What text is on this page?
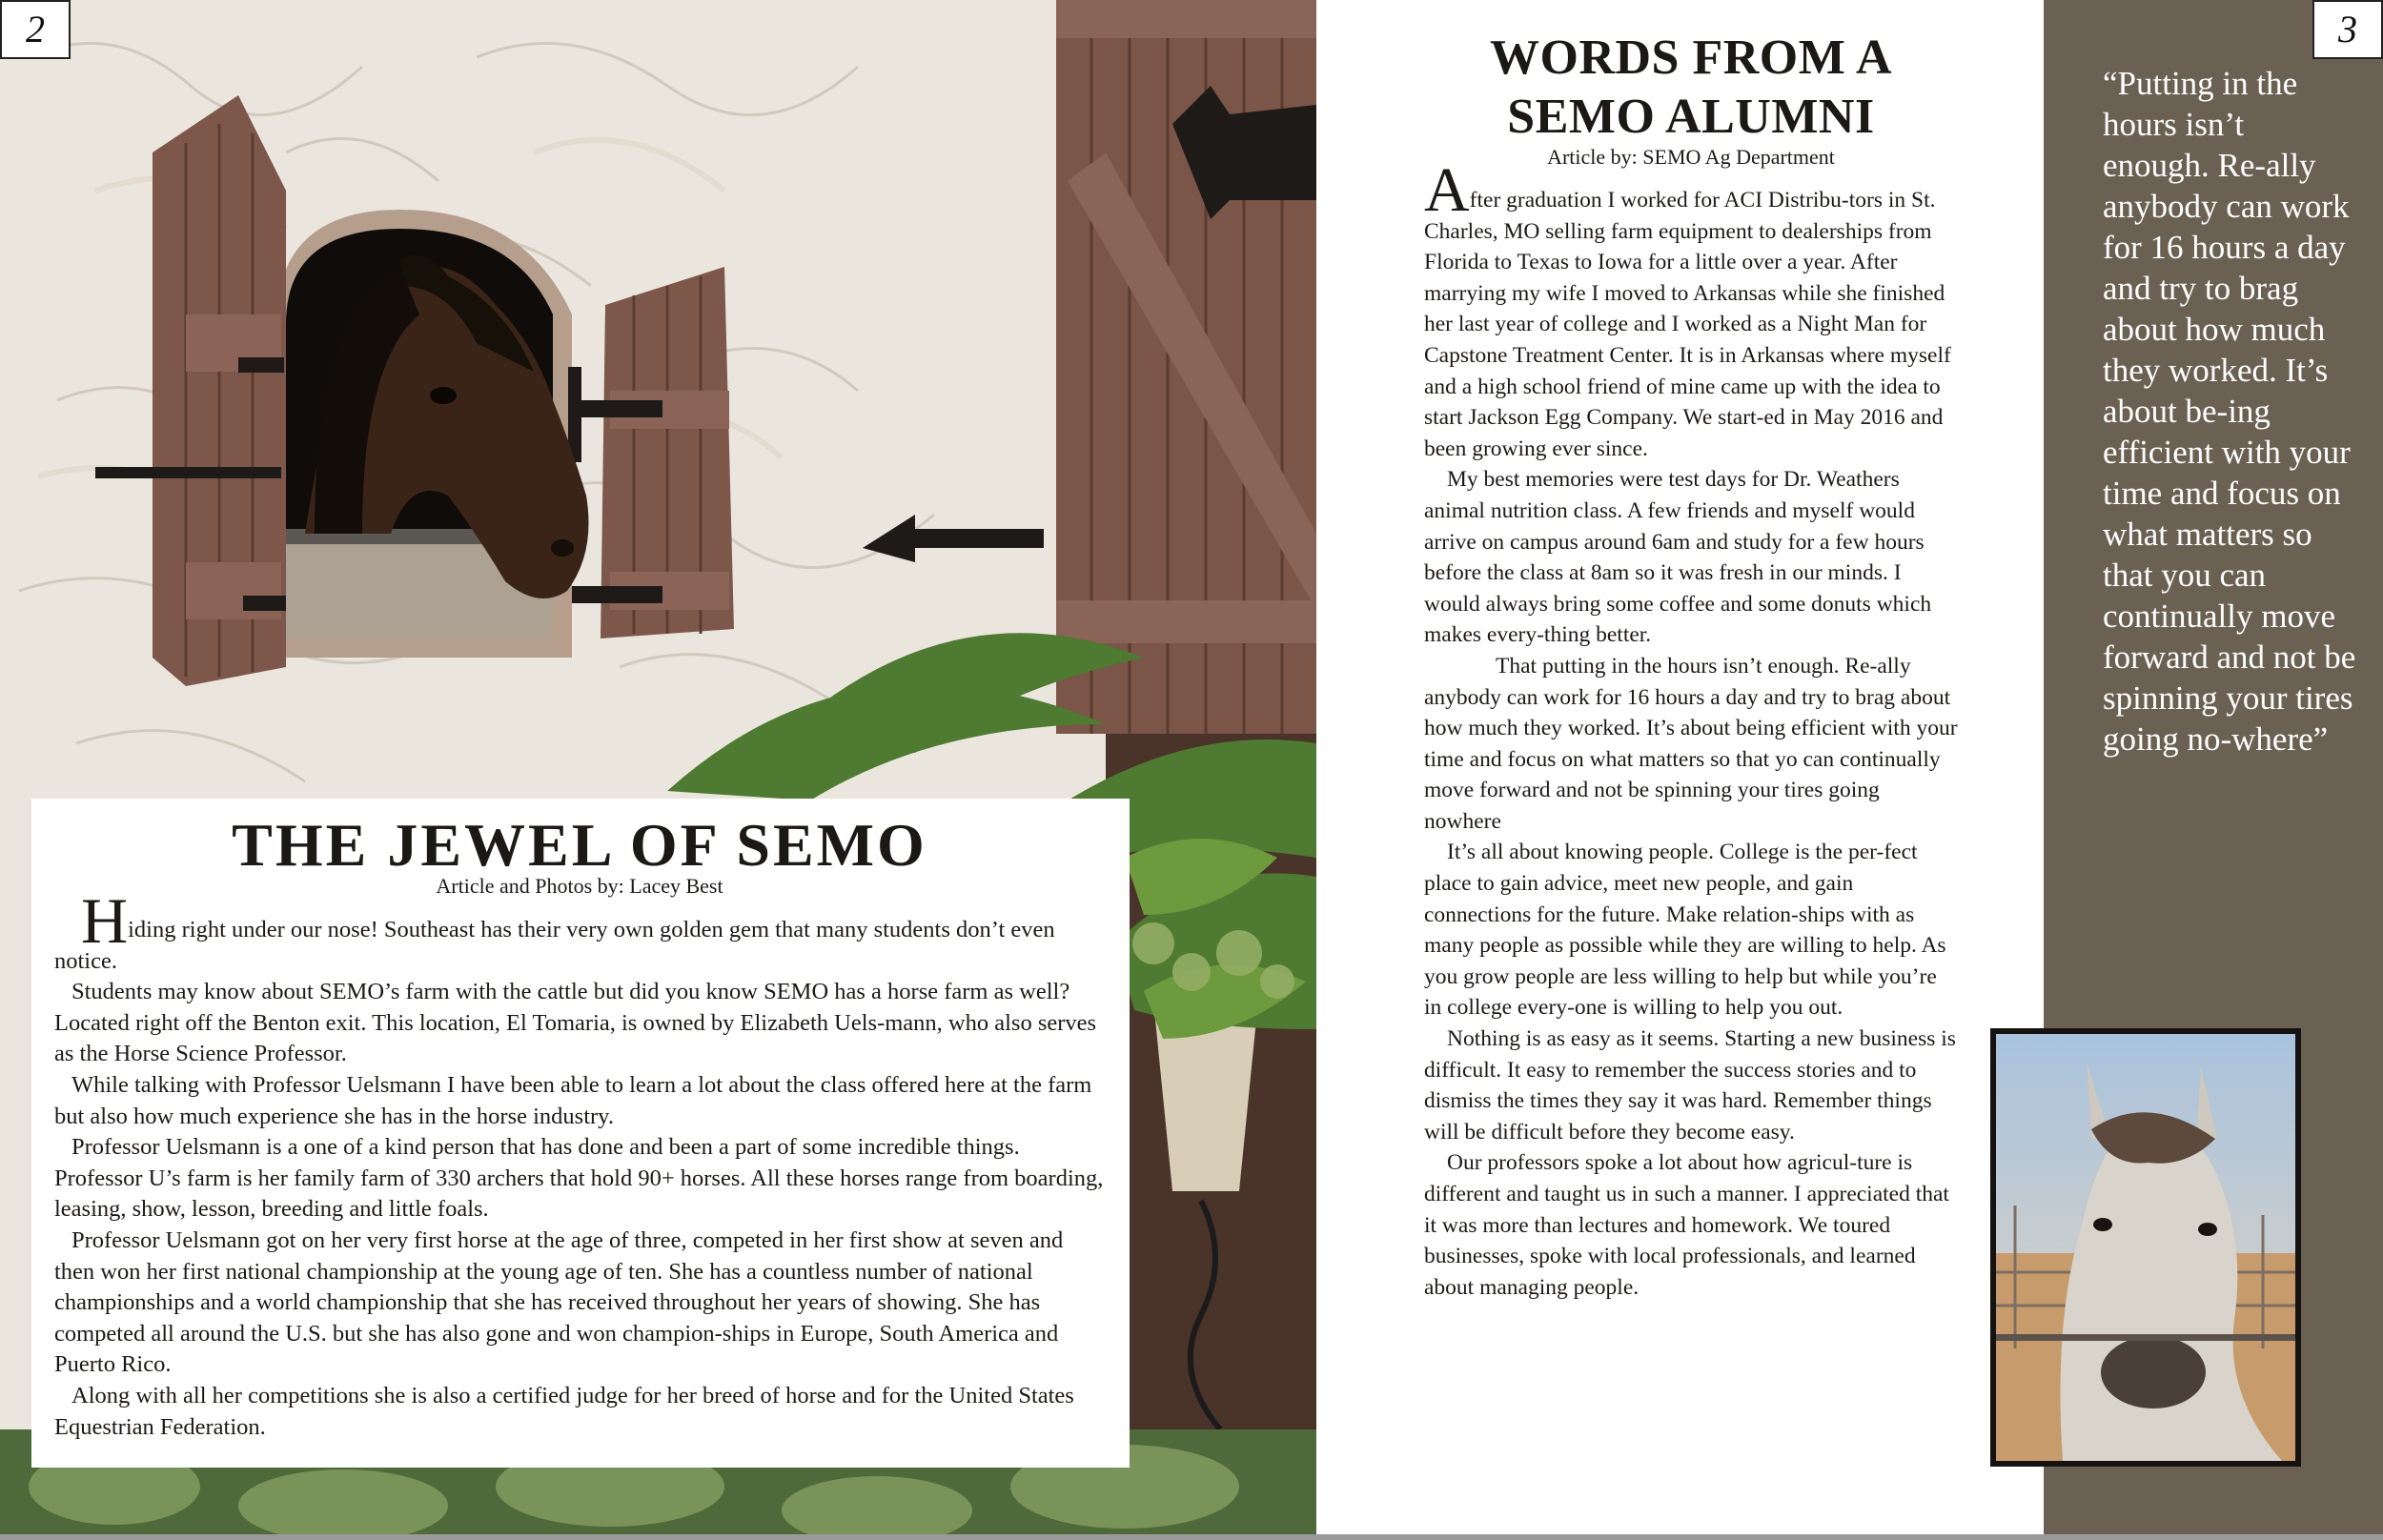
2
THE JEWEL OF SEMO
Article and Photos by: Lacey Best

Hiding right under our nose! Southeast has their very own golden gem that many students don’t even notice.

Students may know about SEMO’s farm with the cattle but did you know SEMO has a horse farm as well? Located right off the Benton exit. This location, El Tomaria, is owned by Elizabeth Uels-mann, who also serves as the Horse Science Professor.

While talking with Professor Uelsmann I have been able to learn a lot about the class offered here at the farm but also how much experience she has in the horse industry.

Professor Uelsmann is a one of a kind person that has done and been a part of some incredible things. Professor U’s farm is her family farm of 330 archers that hold 90+ horses. All these horses range from boarding, leasing, show, lesson, breeding and little foals.

Professor Uelsmann got on her very first horse at the age of three, competed in her first show at seven and then won her first national championship at the young age of ten. She has a countless number of national championships and a world championship that she has received throughout her years of showing. She has competed all around the U.S. but she has also gone and won champion-ships in Europe, South America and Puerto Rico.

Along with all her competitions she is also a certified judge for her breed of horse and for the United States Equestrian Federation.

WORDS FROM A
SEMO ALUMNI
Article by: SEMO Ag Department

After graduation I worked for ACI Distribu-tors in St. Charles, MO selling farm equipment to dealerships from Florida to Texas to Iowa for a little over a year. After marrying my wife I moved to Arkansas while she finished her last year of college and I worked as a Night Man for Capstone Treatment Center. It is in Arkansas where myself and a high school friend of mine came up with the idea to start Jackson Egg Company. We start-ed in May 2016 and been growing ever since.

My best memories were test days for Dr. Weathers animal nutrition class. A few friends and myself would arrive on campus around 6am and study for a few hours before the class at 8am so it was fresh in our minds. I would always bring some coffee and some donuts which makes every-thing better.

That putting in the hours isn’t enough. Re-ally anybody can work for 16 hours a day and try to brag about how much they worked. It’s about being efficient with your time and focus on what matters so that yo can continually move forward and not be spinning your tires going nowhere

It’s all about knowing people. College is the per-fect place to gain advice, meet new people, and gain connections for the future. Make relation-ships with as many people as possible while they are willing to help. As you grow people are less willing to help but while you’re in college every-one is willing to help you out.

Nothing is as easy as it seems. Starting a new business is difficult. It easy to remember the success stories and to dismiss the times they say it was hard. Remember things will be difficult before they become easy.

Our professors spoke a lot about how agricul-ture is different and taught us in such a manner. I appreciated that it was more than lectures and homework. We toured businesses, spoke with local professionals, and learned about managing people.

“Putting in the hours isn’t enough. Re-ally anybody can work for 16 hours a day and try to brag about how much they worked. It’s about be-ing efficient with your time and focus on what matters so that you can continually move forward and not be spinning your tires going no-where”
3
